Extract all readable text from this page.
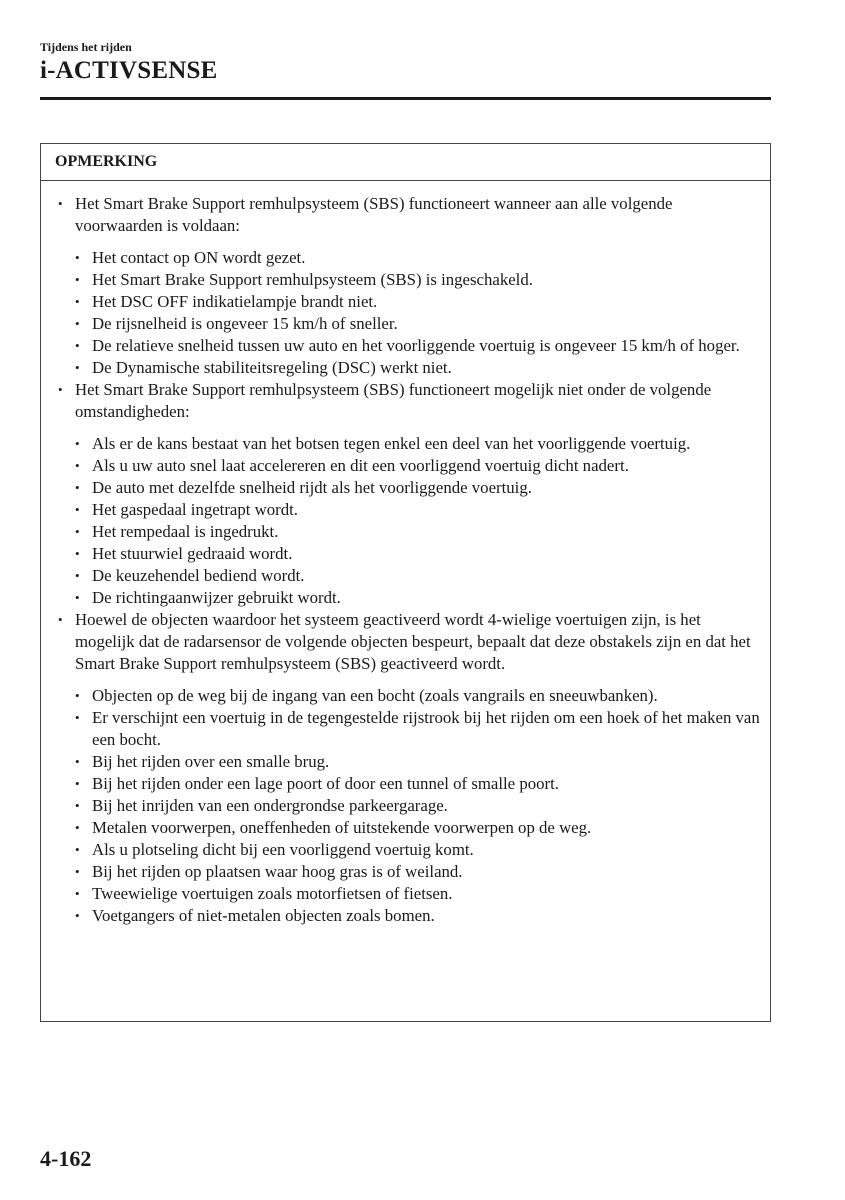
Tijdens het rijden
i-ACTIVSENSE
OPMERKING
• Het Smart Brake Support remhulpsysteem (SBS) functioneert wanneer aan alle volgende voorwaarden is voldaan:
• Het contact op ON wordt gezet.
• Het Smart Brake Support remhulpsysteem (SBS) is ingeschakeld.
• Het DSC OFF indikatielampje brandt niet.
• De rijsnelheid is ongeveer 15 km/h of sneller.
• De relatieve snelheid tussen uw auto en het voorliggende voertuig is ongeveer 15 km/h of hoger.
• De Dynamische stabiliteitsregeling (DSC) werkt niet.
• Het Smart Brake Support remhulpsysteem (SBS) functioneert mogelijk niet onder de volgende omstandigheden:
• Als er de kans bestaat van het botsen tegen enkel een deel van het voorliggende voertuig.
• Als u uw auto snel laat accelereren en dit een voorliggend voertuig dicht nadert.
• De auto met dezelfde snelheid rijdt als het voorliggende voertuig.
• Het gaspedaal ingetrapt wordt.
• Het rempedaal is ingedrukt.
• Het stuurwiel gedraaid wordt.
• De keuzehendel bediend wordt.
• De richtingaanwijzer gebruikt wordt.
• Hoewel de objecten waardoor het systeem geactiveerd wordt 4-wielige voertuigen zijn, is het mogelijk dat de radarsensor de volgende objecten bespeurt, bepaalt dat deze obstakels zijn en dat het Smart Brake Support remhulpsysteem (SBS) geactiveerd wordt.
• Objecten op de weg bij de ingang van een bocht (zoals vangrails en sneeuwbanken).
• Er verschijnt een voertuig in de tegengestelde rijstrook bij het rijden om een hoek of het maken van een bocht.
• Bij het rijden over een smalle brug.
• Bij het rijden onder een lage poort of door een tunnel of smalle poort.
• Bij het inrijden van een ondergrondse parkeergarage.
• Metalen voorwerpen, oneffenheden of uitstekende voorwerpen op de weg.
• Als u plotseling dicht bij een voorliggend voertuig komt.
• Bij het rijden op plaatsen waar hoog gras is of weiland.
• Tweewielige voertuigen zoals motorfietsen of fietsen.
• Voetgangers of niet-metalen objecten zoals bomen.
4-162
